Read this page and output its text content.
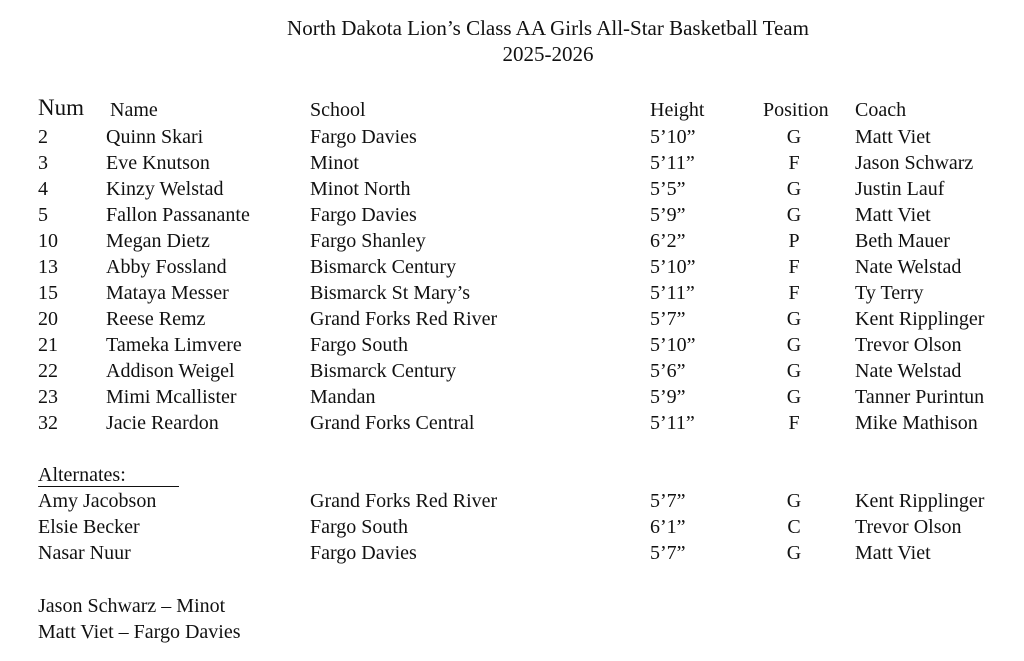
North Dakota Lion’s Class AA Girls All-Star Basketball Team
2025-2026
Num Name	School	Height	Position Coach
2	Quinn Skari	Fargo Davies	5’10”	G	Matt Viet
3	Eve Knutson	Minot	5’11”	F	Jason Schwarz
4	Kinzy Welstad	Minot North	5’5”	G	Justin Lauf
5	Fallon Passanante	Fargo Davies	5’9”	G	Matt Viet
10 Megan Dietz	Fargo Shanley	6’2”	P	Beth Mauer
13 Abby Fossland	Bismarck Century	5’10”	F	Nate Welstad
15 Mataya Messer	Bismarck St Mary’s	5’11”	F	Ty Terry
20 Reese Remz	Grand Forks Red River	5’7”	G	Kent Ripplinger
21 Tameka Limvere	Fargo South	5’10”	G	Trevor Olson
22 Addison Weigel	Bismarck Century	5’6”	G	Nate Welstad
23 Mimi Mcallister	Mandan	5’9”	G	Tanner Purintun
32 Jacie Reardon	Grand Forks Central	5’11”	F	Mike Mathison
Alternates:
Amy Jacobson	Grand Forks Red River	5’7”	G	Kent Ripplinger
Elsie Becker	Fargo South	6’1”	C	Trevor Olson
Nasar Nuur	Fargo Davies	5’7”	G	Matt Viet
Jason Schwarz – Minot
Matt Viet – Fargo Davies
